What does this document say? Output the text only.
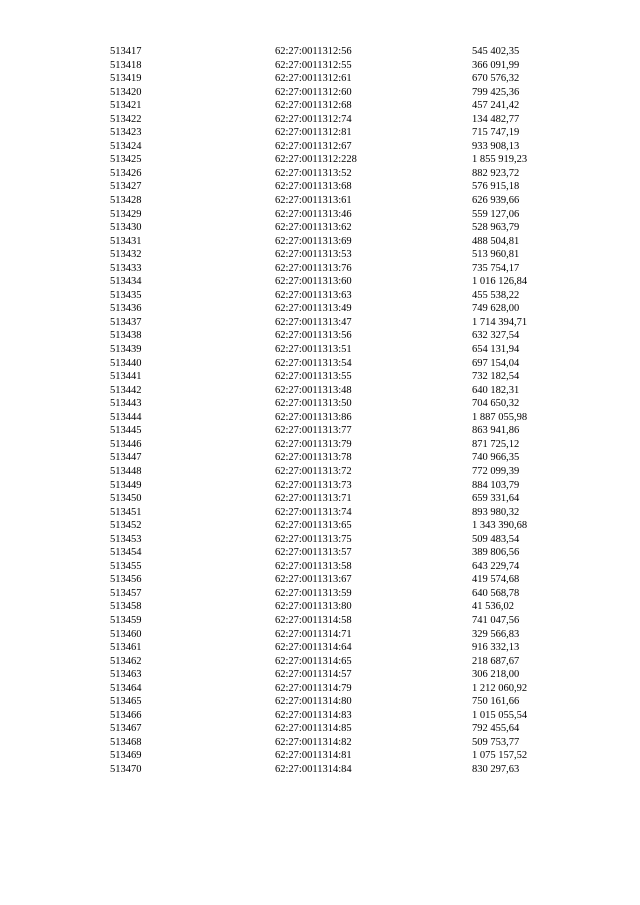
513417	62:27:0011312:56	545 402,35
513418	62:27:0011312:55	366 091,99
513419	62:27:0011312:61	670 576,32
513420	62:27:0011312:60	799 425,36
513421	62:27:0011312:68	457 241,42
513422	62:27:0011312:74	134 482,77
513423	62:27:0011312:81	715 747,19
513424	62:27:0011312:67	933 908,13
513425	62:27:0011312:228	1 855 919,23
513426	62:27:0011313:52	882 923,72
513427	62:27:0011313:68	576 915,18
513428	62:27:0011313:61	626 939,66
513429	62:27:0011313:46	559 127,06
513430	62:27:0011313:62	528 963,79
513431	62:27:0011313:69	488 504,81
513432	62:27:0011313:53	513 960,81
513433	62:27:0011313:76	735 754,17
513434	62:27:0011313:60	1 016 126,84
513435	62:27:0011313:63	455 538,22
513436	62:27:0011313:49	749 628,00
513437	62:27:0011313:47	1 714 394,71
513438	62:27:0011313:56	632 327,54
513439	62:27:0011313:51	654 131,94
513440	62:27:0011313:54	697 154,04
513441	62:27:0011313:55	732 182,54
513442	62:27:0011313:48	640 182,31
513443	62:27:0011313:50	704 650,32
513444	62:27:0011313:86	1 887 055,98
513445	62:27:0011313:77	863 941,86
513446	62:27:0011313:79	871 725,12
513447	62:27:0011313:78	740 966,35
513448	62:27:0011313:72	772 099,39
513449	62:27:0011313:73	884 103,79
513450	62:27:0011313:71	659 331,64
513451	62:27:0011313:74	893 980,32
513452	62:27:0011313:65	1 343 390,68
513453	62:27:0011313:75	509 483,54
513454	62:27:0011313:57	389 806,56
513455	62:27:0011313:58	643 229,74
513456	62:27:0011313:67	419 574,68
513457	62:27:0011313:59	640 568,78
513458	62:27:0011313:80	41 536,02
513459	62:27:0011314:58	741 047,56
513460	62:27:0011314:71	329 566,83
513461	62:27:0011314:64	916 332,13
513462	62:27:0011314:65	218 687,67
513463	62:27:0011314:57	306 218,00
513464	62:27:0011314:79	1 212 060,92
513465	62:27:0011314:80	750 161,66
513466	62:27:0011314:83	1 015 055,54
513467	62:27:0011314:85	792 455,64
513468	62:27:0011314:82	509 753,77
513469	62:27:0011314:81	1 075 157,52
513470	62:27:0011314:84	830 297,63
